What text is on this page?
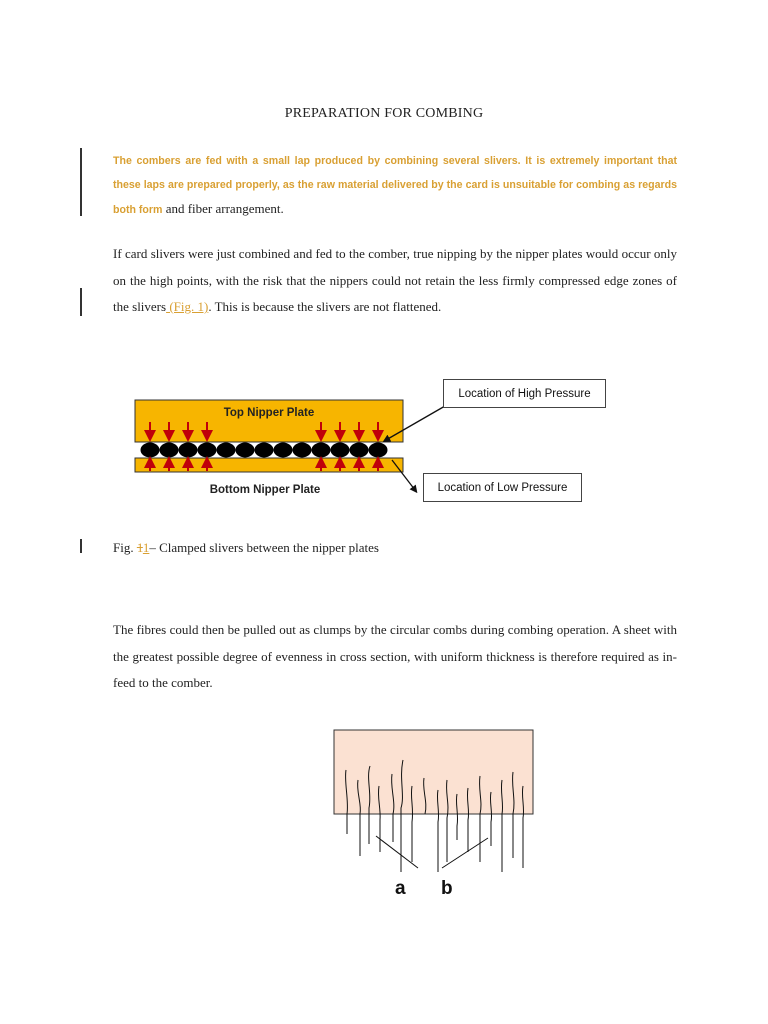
PREPARATION FOR COMBING
The combers are fed with a small lap produced by combining several slivers. It is extremely important that these laps are prepared properly, as the raw material delivered by the card is unsuitable for combing as regards both form and fiber arrangement.
If card slivers were just combined and fed to the comber, true nipping by the nipper plates would occur only on the high points, with the risk that the nippers could not retain the less firmly compressed edge zones of the slivers (Fig. 1). This is because the slivers are not flattened.
Top Nipper Plate
Bottom Nipper Plate
Location of High Pressure
Location of Low Pressure
Fig. 11– Clamped slivers between the nipper plates
The fibres could then be pulled out as clumps by the circular combs during combing operation. A sheet with the greatest possible degree of evenness in cross section, with uniform thickness is therefore required as in-feed to the comber.
a b
